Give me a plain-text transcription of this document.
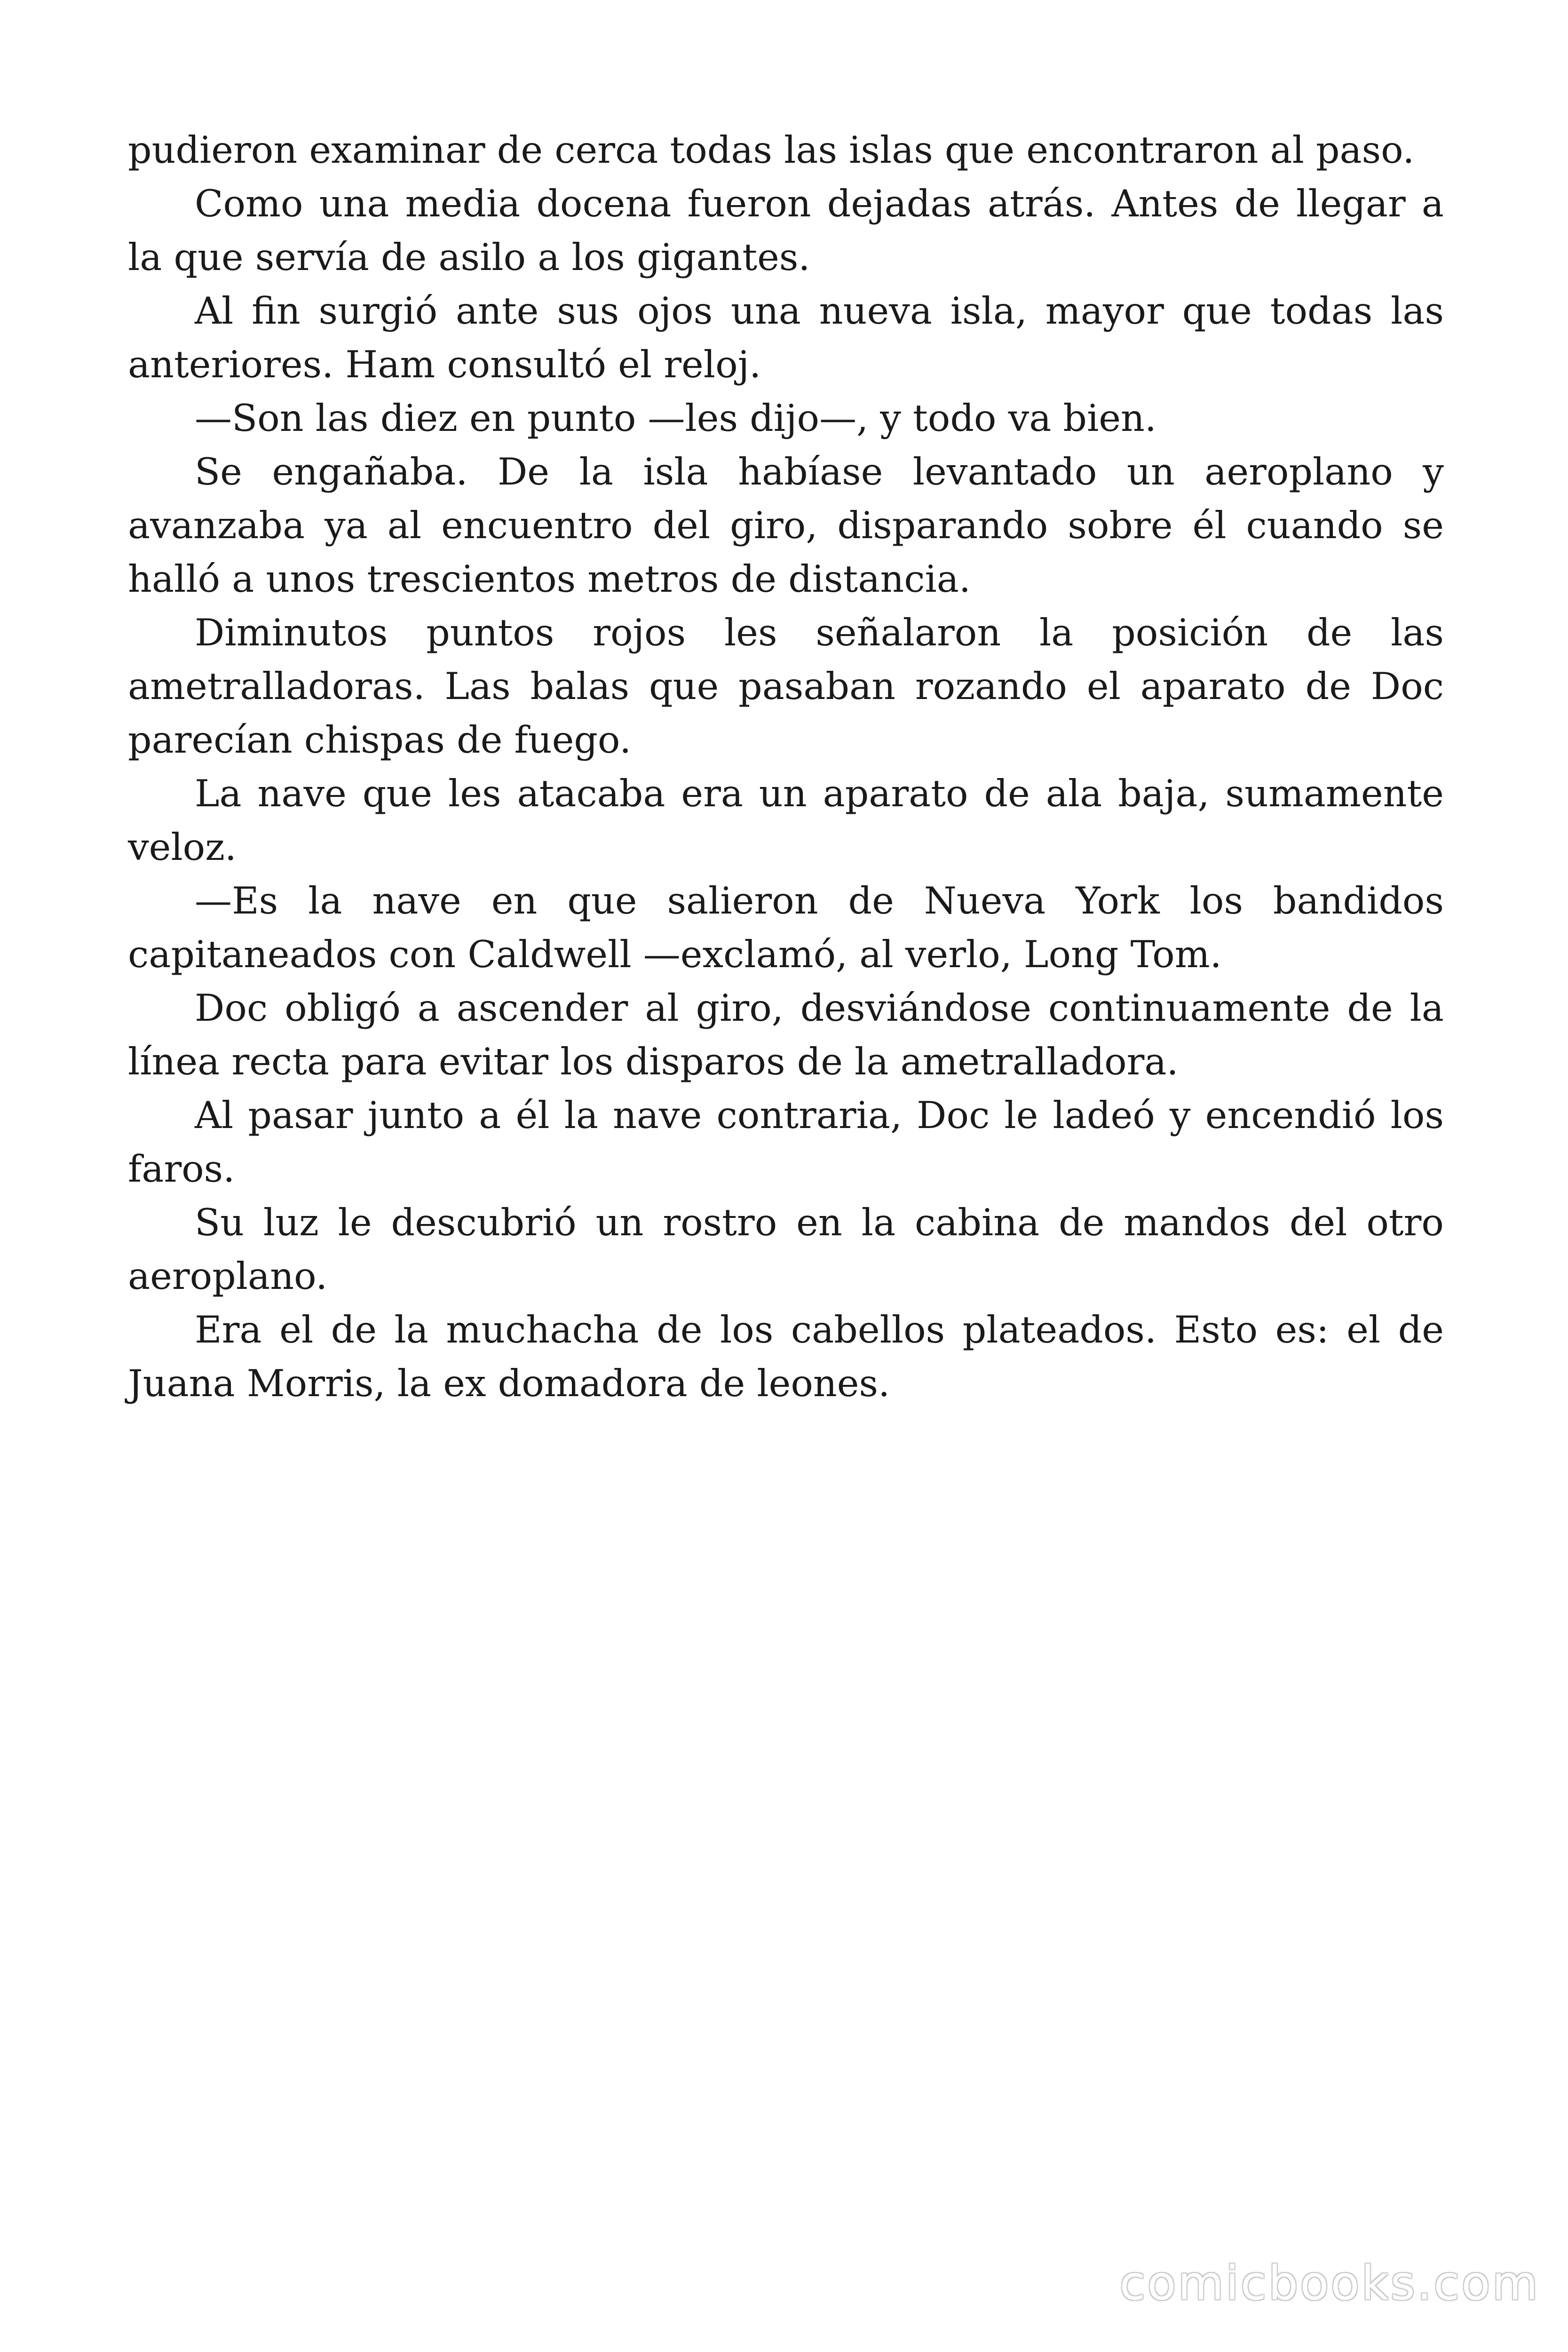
pudieron examinar de cerca todas las islas que encontraron al paso.

Como una media docena fueron dejadas atrás. Antes de llegar a la que servía de asilo a los gigantes.

Al fin surgió ante sus ojos una nueva isla, mayor que todas las anteriores. Ham consultó el reloj.

—Son las diez en punto —les dijo—, y todo va bien.

Se engañaba. De la isla habíase levantado un aeroplano y avanzaba ya al encuentro del giro, disparando sobre él cuando se halló a unos trescientos metros de distancia.

Diminutos puntos rojos les señalaron la posición de las ametralladoras. Las balas que pasaban rozando el aparato de Doc parecían chispas de fuego.

La nave que les atacaba era un aparato de ala baja, sumamente veloz.

—Es la nave en que salieron de Nueva York los bandidos capitaneados con Caldwell —exclamó, al verlo, Long Tom.

Doc obligó a ascender al giro, desviándose continuamente de la línea recta para evitar los disparos de la ametralladora.

Al pasar junto a él la nave contraria, Doc le ladeó y encendió los faros.

Su luz le descubrió un rostro en la cabina de mandos del otro aeroplano.

Era el de la muchacha de los cabellos plateados. Esto es: el de Juana Morris, la ex domadora de leones.

comicbooks.com
